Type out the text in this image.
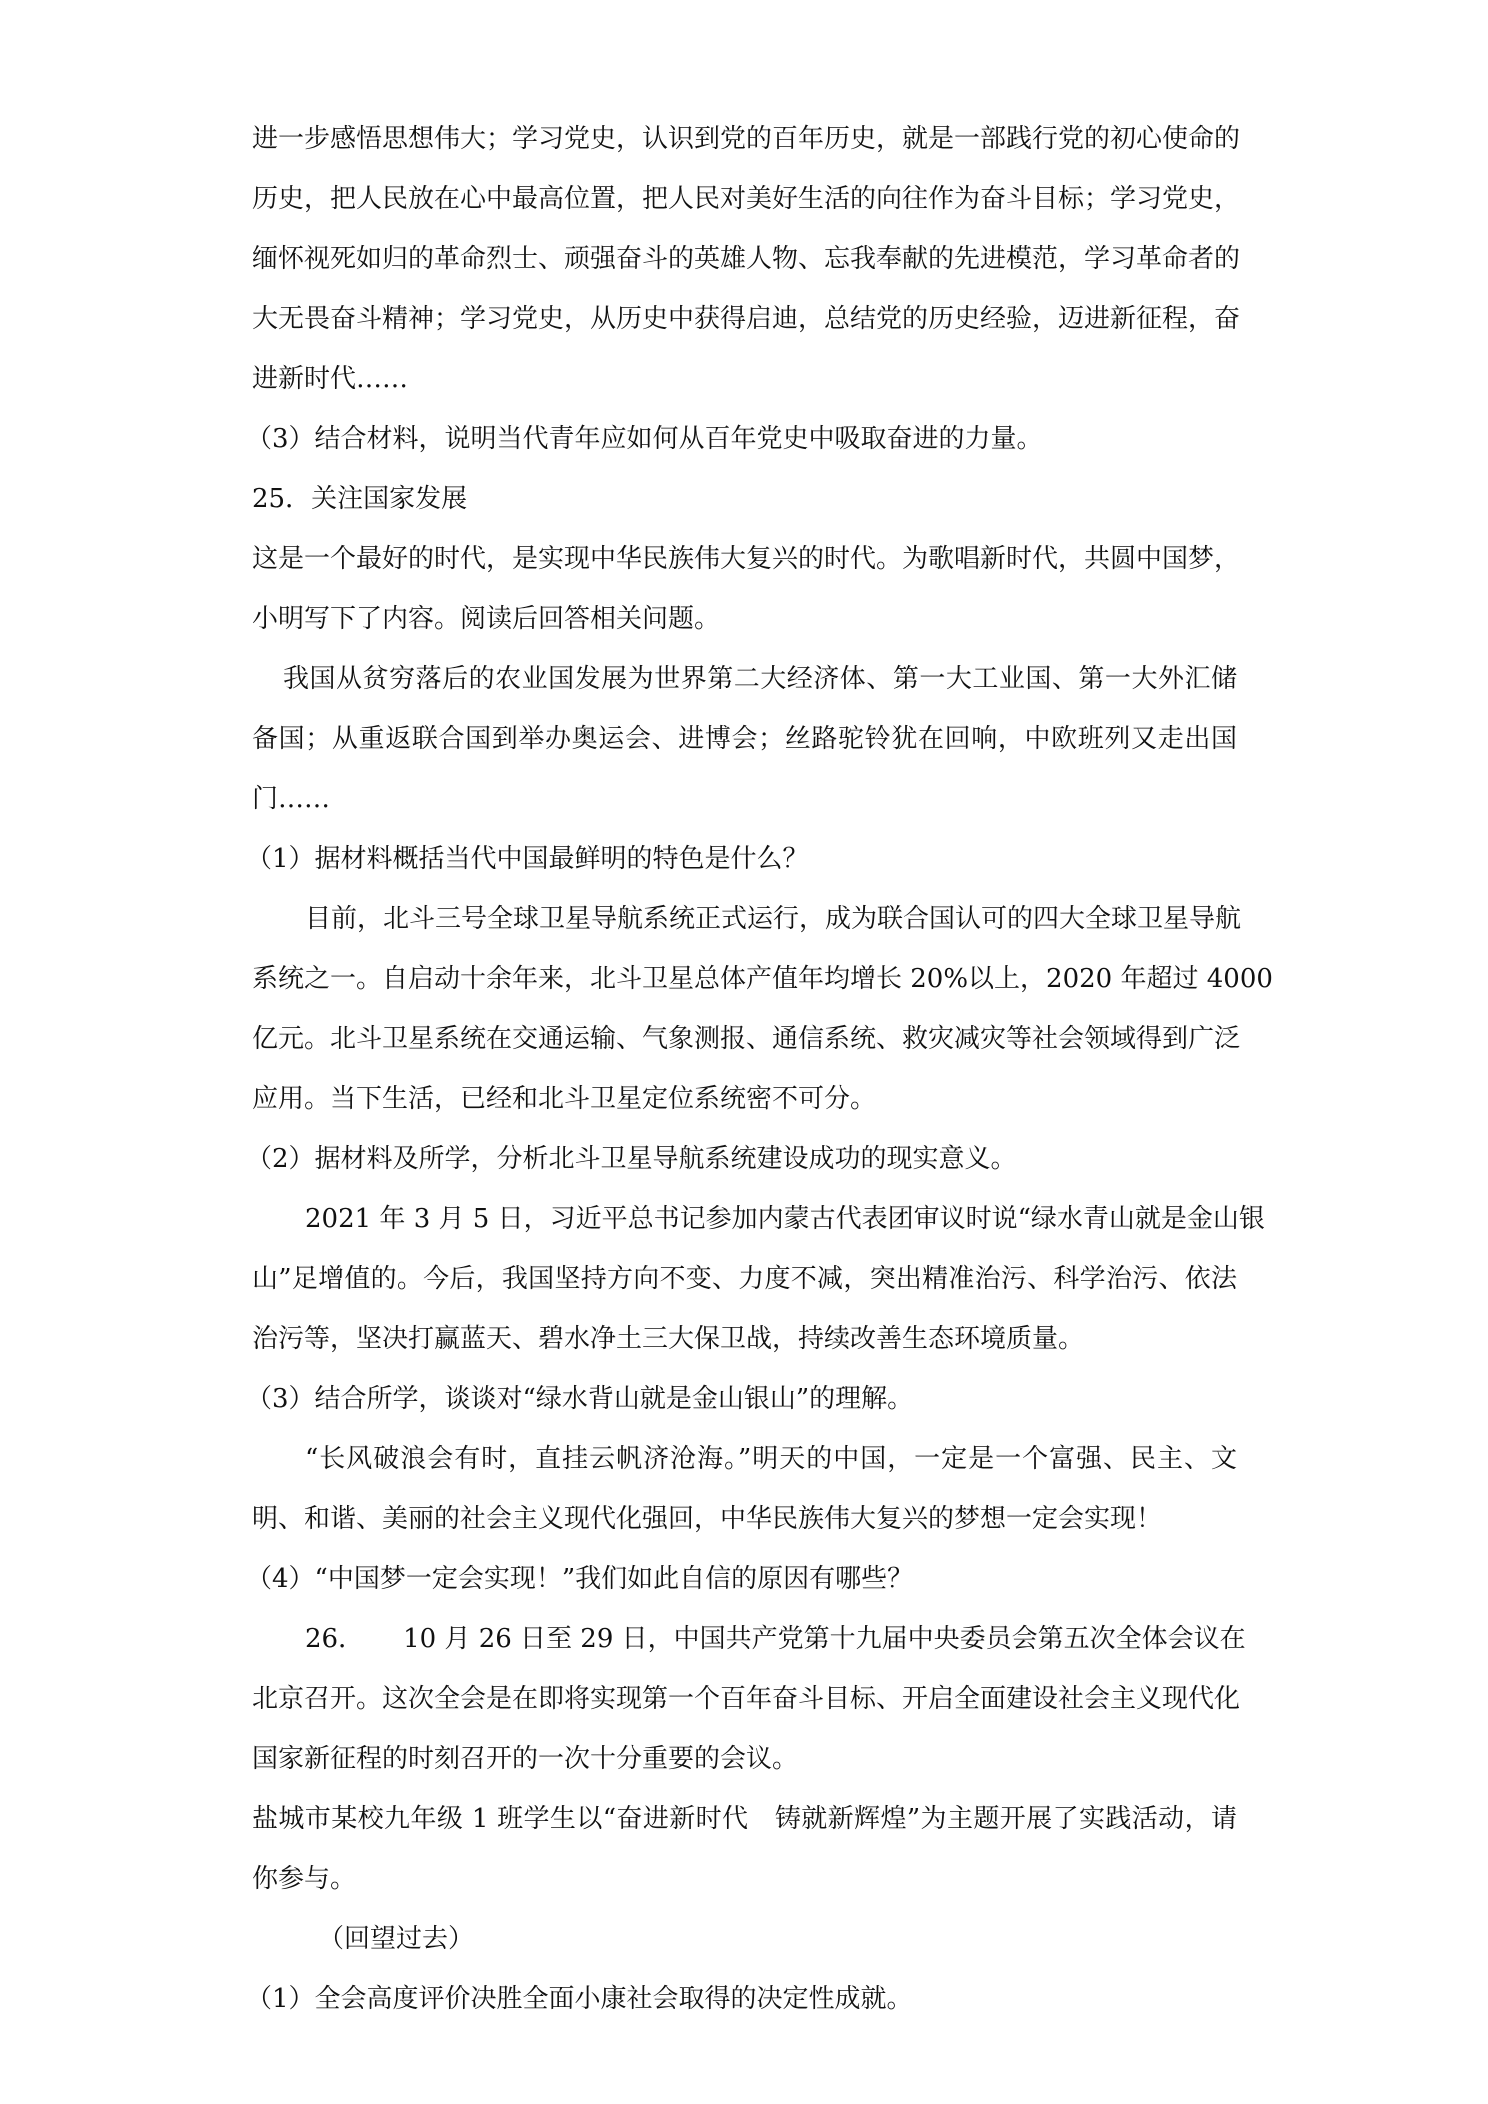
进一步感悟思想伟大；学习党史，认识到党的百年历史，就是一部践行党的初心使命的
历史，把人民放在心中最高位置，把人民对美好生活的向往作为奋斗目标；学习党史，
缅怀视死如归的革命烈士、顽强奋斗的英雄人物、忘我奉献的先进模范，学习革命者的
大无畏奋斗精神；学习党史，从历史中获得启迪，总结党的历史经验，迈进新征程，奋
进新时代……
（3）结合材料，说明当代青年应如何从百年党史中吸取奋进的力量。
25．关注国家发展
这是一个最好的时代，是实现中华民族伟大复兴的时代。为歌唱新时代，共圆中国梦，
小明写下了内容。阅读后回答相关问题。
我国从贫穷落后的农业国发展为世界第二大经济体、第一大工业国、第一大外汇储
备国；从重返联合国到举办奥运会、进博会；丝路驼铃犹在回响，中欧班列又走出国
门……
（1）据材料概括当代中国最鲜明的特色是什么？
目前，北斗三号全球卫星导航系统正式运行，成为联合国认可的四大全球卫星导航
系统之一。自启动十余年来，北斗卫星总体产值年均增长 20%以上，2020 年超过 4000
亿元。北斗卫星系统在交通运输、气象测报、通信系统、救灾减灾等社会领域得到广泛
应用。当下生活，已经和北斗卫星定位系统密不可分。
（2）据材料及所学，分析北斗卫星导航系统建设成功的现实意义。
2021 年 3 月 5 日，习近平总书记参加内蒙古代表团审议时说“绿水青山就是金山银
山”足增值的。今后，我国坚持方向不变、力度不减，突出精准治污、科学治污、依法
治污等，坚决打赢蓝天、碧水净土三大保卫战，持续改善生态环境质量。
（3）结合所学，谈谈对“绿水背山就是金山银山”的理解。
“长风破浪会有时，直挂云帆济沧海。”明天的中国，一定是一个富强、民主、文
明、和谐、美丽的社会主义现代化强回，中华民族伟大复兴的梦想一定会实现！
（4）“中国梦一定会实现！”我们如此自信的原因有哪些？
26．　　10 月 26 日至 29 日，中国共产党第十九届中央委员会第五次全体会议在
北京召开。这次全会是在即将实现第一个百年奋斗目标、开启全面建设社会主义现代化
国家新征程的时刻召开的一次十分重要的会议。
盐城市某校九年级 1 班学生以“奋进新时代　铸就新辉煌”为主题开展了实践活动，请
你参与。
（回望过去）
（1）全会高度评价决胜全面小康社会取得的决定性成就。
